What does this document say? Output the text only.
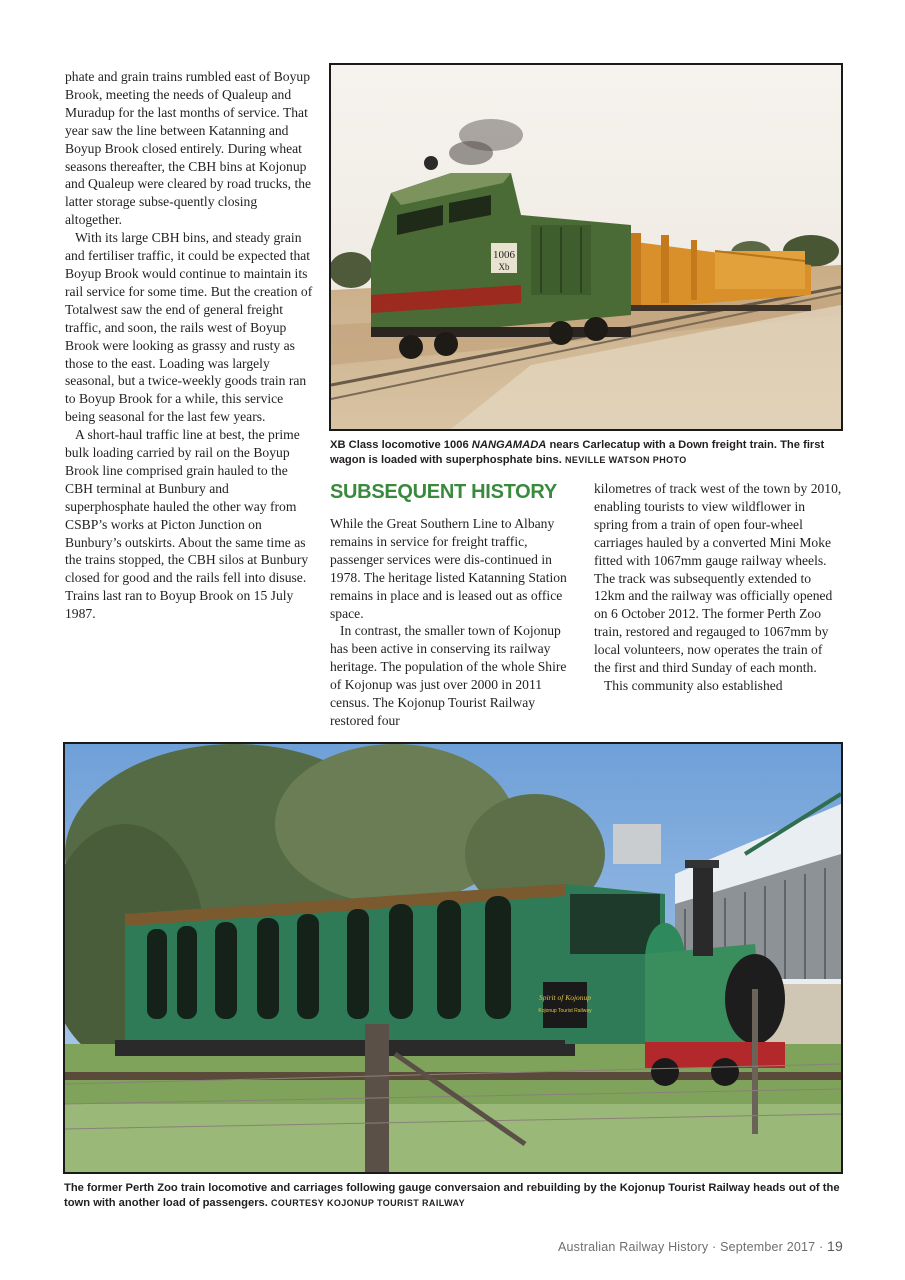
phate and grain trains rumbled east of Boyup Brook, meeting the needs of Qualeup and Muradup for the last months of service. That year saw the line between Katanning and Boyup Brook closed entirely. During wheat seasons thereafter, the CBH bins at Kojonup and Qualeup were cleared by road trucks, the latter storage subse-quently closing altogether.

With its large CBH bins, and steady grain and fertiliser traffic, it could be expected that Boyup Brook would continue to maintain its rail service for some time. But the creation of Totalwest saw the end of general freight traffic, and soon, the rails west of Boyup Brook were looking as grassy and rusty as those to the east. Loading was largely seasonal, but a twice-weekly goods train ran to Boyup Brook for a while, this service being seasonal for the last few years.

A short-haul traffic line at best, the prime bulk loading carried by rail on the Boyup Brook line comprised grain hauled to the CBH terminal at Bunbury and superphosphate hauled the other way from CSBP’s works at Picton Junction on Bunbury’s outskirts. About the same time as the trains stopped, the CBH silos at Bunbury closed for good and the rails fell into disuse. Trains last ran to Boyup Brook on 15 July 1987.

1006
Xb
XB Class locomotive 1006 NANGAMADA nears Carlecatup with a Down freight train. The first wagon is loaded with superphosphate bins. NEVILLE WATSON PHOTO
SUBSEQUENT HISTORY

While the Great Southern Line to Albany remains in service for freight traffic, passenger services were dis-continued in 1978. The heritage listed Katanning Station remains in place and is leased out as office space.

In contrast, the smaller town of Kojonup has been active in conserving its railway heritage. The population of the whole Shire of Kojonup was just over 2000 in 2011 census. The Kojonup Tourist Railway restored four

kilometres of track west of the town by 2010, enabling tourists to view wildflower in spring from a train of open four-wheel carriages hauled by a converted Mini Moke fitted with 1067mm gauge railway wheels. The track was subsequently extended to 12km and the railway was officially opened on 6 October 2012. The former Perth Zoo train, restored and regauged to 1067mm by local volunteers, now operates the train of the first and third Sunday of each month.

This community also established

Spirit of Kojonup
Kojonup Tourist Railway
The former Perth Zoo train locomotive and carriages following gauge conversaion and rebuilding by the Kojonup Tourist Railway heads out of the town with another load of passengers. COURTESY KOJONUP TOURIST RAILWAY
Australian Railway History · September 2017 · 19
